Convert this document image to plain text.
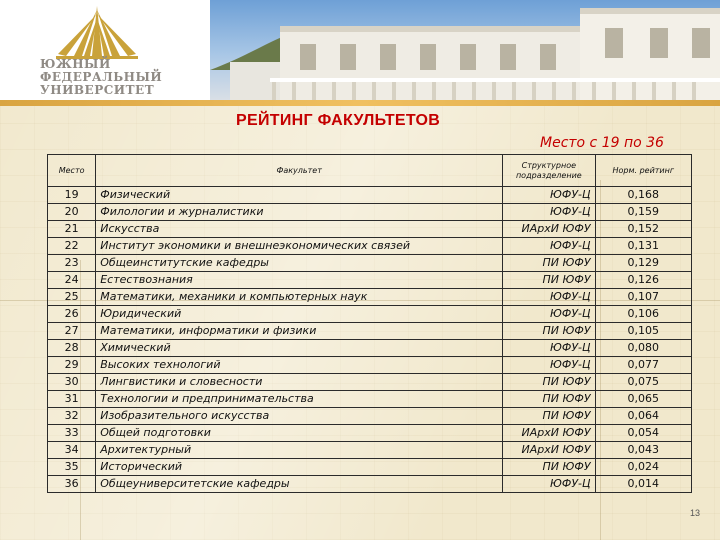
ЮЖНЫЙ
ФЕДЕРАЛЬНЫЙ
УНИВЕРСИТЕТ
РЕЙТИНГ ФАКУЛЬТЕТОВ
Место с 19 по 36
Место	Факультет	Структурное подразделение	Норм. рейтинг
19	Физический	ЮФУ-Ц	0,168
20	Филологии и журналистики	ЮФУ-Ц	0,159
21	Искусства	ИАрхИ ЮФУ	0,152
22	Институт экономики и внешнеэкономических связей	ЮФУ-Ц	0,131
23	Общеинститутские кафедры	ПИ ЮФУ	0,129
24	Естествознания	ПИ ЮФУ	0,126
25	Математики, механики и компьютерных наук	ЮФУ-Ц	0,107
26	Юридический	ЮФУ-Ц	0,106
27	Математики, информатики и физики	ПИ ЮФУ	0,105
28	Химический	ЮФУ-Ц	0,080
29	Высоких технологий	ЮФУ-Ц	0,077
30	Лингвистики и словесности	ПИ ЮФУ	0,075
31	Технологии и предпринимательства	ПИ ЮФУ	0,065
32	Изобразительного искусства	ПИ ЮФУ	0,064
33	Общей подготовки	ИАрхИ ЮФУ	0,054
34	Архитектурный	ИАрхИ ЮФУ	0,043
35	Исторический	ПИ ЮФУ	0,024
36	Общеуниверситетские кафедры	ЮФУ-Ц	0,014
13
